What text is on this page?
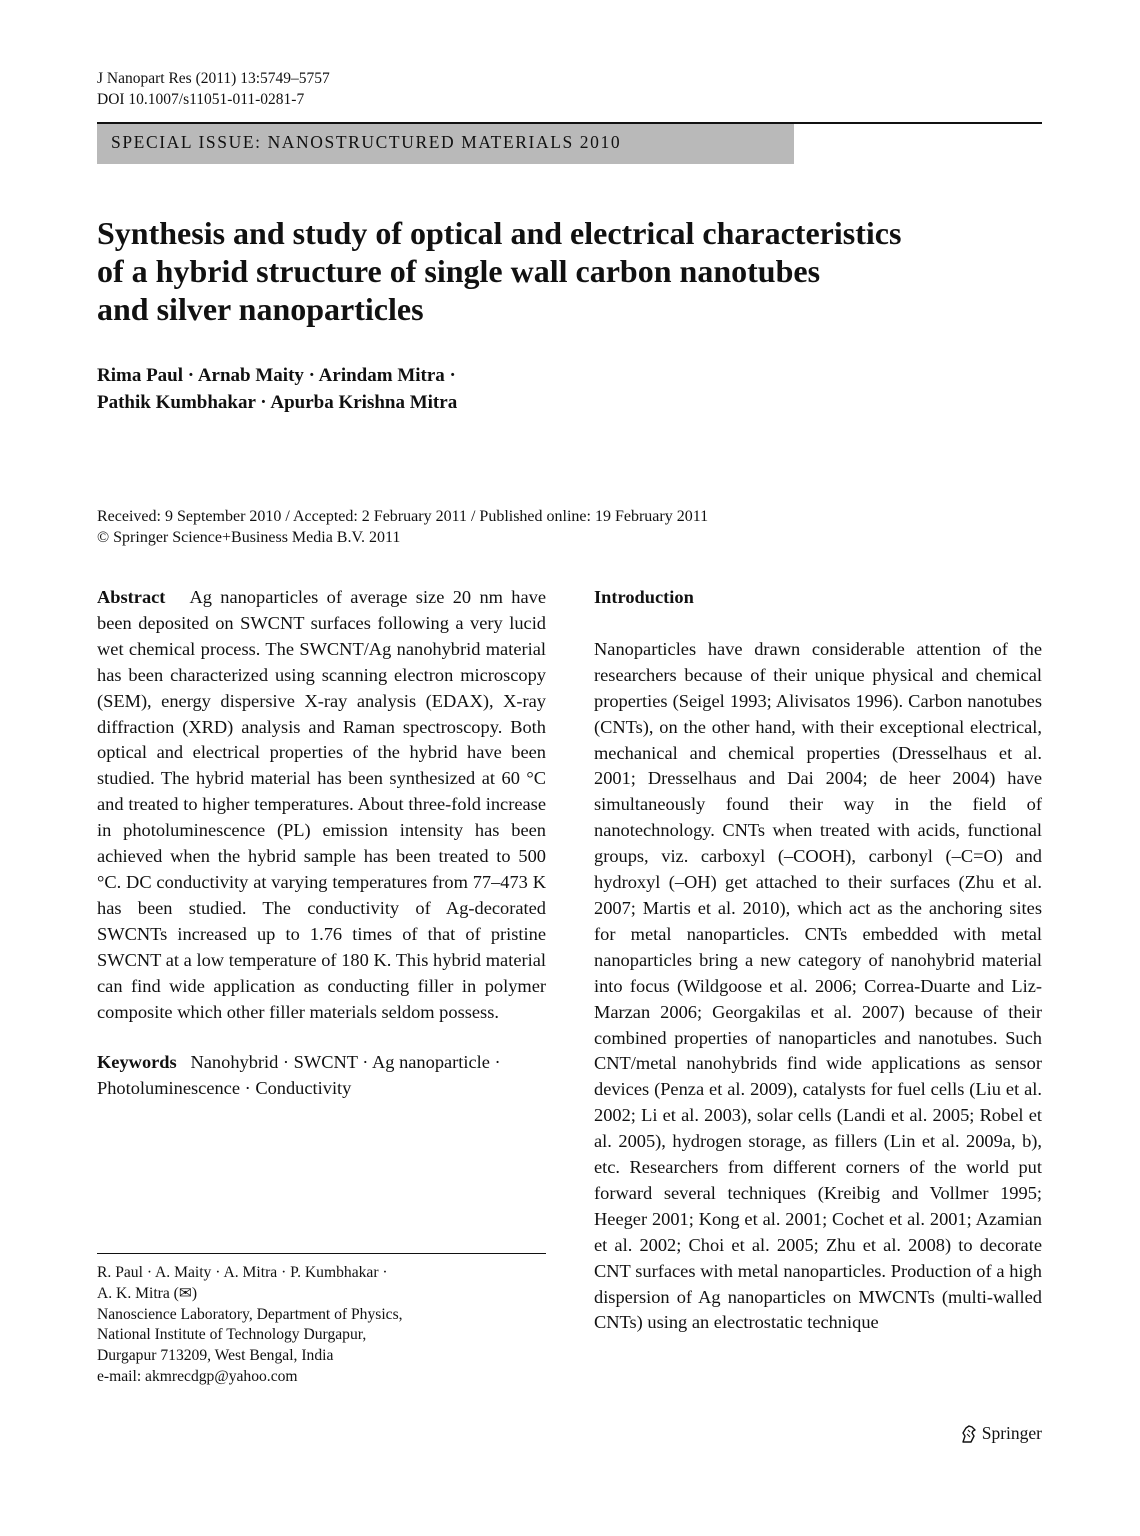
J Nanopart Res (2011) 13:5749–5757
DOI 10.1007/s11051-011-0281-7
SPECIAL ISSUE: NANOSTRUCTURED MATERIALS 2010
Synthesis and study of optical and electrical characteristics
of a hybrid structure of single wall carbon nanotubes
and silver nanoparticles
Rima Paul · Arnab Maity · Arindam Mitra ·
Pathik Kumbhakar · Apurba Krishna Mitra
Received: 9 September 2010 / Accepted: 2 February 2011 / Published online: 19 February 2011
© Springer Science+Business Media B.V. 2011

Abstract Ag nanoparticles of average size 20 nm have been deposited on SWCNT surfaces following a very lucid wet chemical process. The SWCNT/Ag nanohybrid material has been characterized using scanning electron microscopy (SEM), energy dispersive X-ray analysis (EDAX), X-ray diffraction (XRD) analysis and Raman spectroscopy. Both optical and electrical properties of the hybrid have been studied. The hybrid material has been synthesized at 60 °C and treated to higher temperatures. About three-fold increase in photoluminescence (PL) emission intensity has been achieved when the hybrid sample has been treated to 500 °C. DC conductivity at varying temperatures from 77–473 K has been studied. The conductivity of Ag-decorated SWCNTs increased up to 1.76 times of that of pristine SWCNT at a low temperature of 180 K. This hybrid material can find wide application as conducting filler in polymer composite which other filler materials seldom possess.

Keywords Nanohybrid · SWCNT · Ag nanoparticle · Photoluminescence · Conductivity

R. Paul · A. Maity · A. Mitra · P. Kumbhakar ·
A. K. Mitra (✉)
Nanoscience Laboratory, Department of Physics,
National Institute of Technology Durgapur,
Durgapur 713209, West Bengal, India
e-mail: akmrecdgp@yahoo.com

Introduction

Nanoparticles have drawn considerable attention of the researchers because of their unique physical and chemical properties (Seigel 1993; Alivisatos 1996). Carbon nanotubes (CNTs), on the other hand, with their exceptional electrical, mechanical and chemical properties (Dresselhaus et al. 2001; Dresselhaus and Dai 2004; de heer 2004) have simultaneously found their way in the field of nanotechnology. CNTs when treated with acids, functional groups, viz. carboxyl (–COOH), carbonyl (–C=O) and hydroxyl (–OH) get attached to their surfaces (Zhu et al. 2007; Martis et al. 2010), which act as the anchoring sites for metal nanoparticles. CNTs embedded with metal nanoparticles bring a new category of nanohybrid material into focus (Wildgoose et al. 2006; Correa-Duarte and Liz-Marzan 2006; Georgakilas et al. 2007) because of their combined properties of nanoparticles and nanotubes. Such CNT/metal nanohybrids find wide applications as sensor devices (Penza et al. 2009), catalysts for fuel cells (Liu et al. 2002; Li et al. 2003), solar cells (Landi et al. 2005; Robel et al. 2005), hydrogen storage, as fillers (Lin et al. 2009a, b), etc. Researchers from different corners of the world put forward several techniques (Kreibig and Vollmer 1995; Heeger 2001; Kong et al. 2001; Cochet et al. 2001; Azamian et al. 2002; Choi et al. 2005; Zhu et al. 2008) to decorate CNT surfaces with metal nanoparticles. Production of a high dispersion of Ag nanoparticles on MWCNTs (multi-walled CNTs) using an electrostatic technique

Springer
